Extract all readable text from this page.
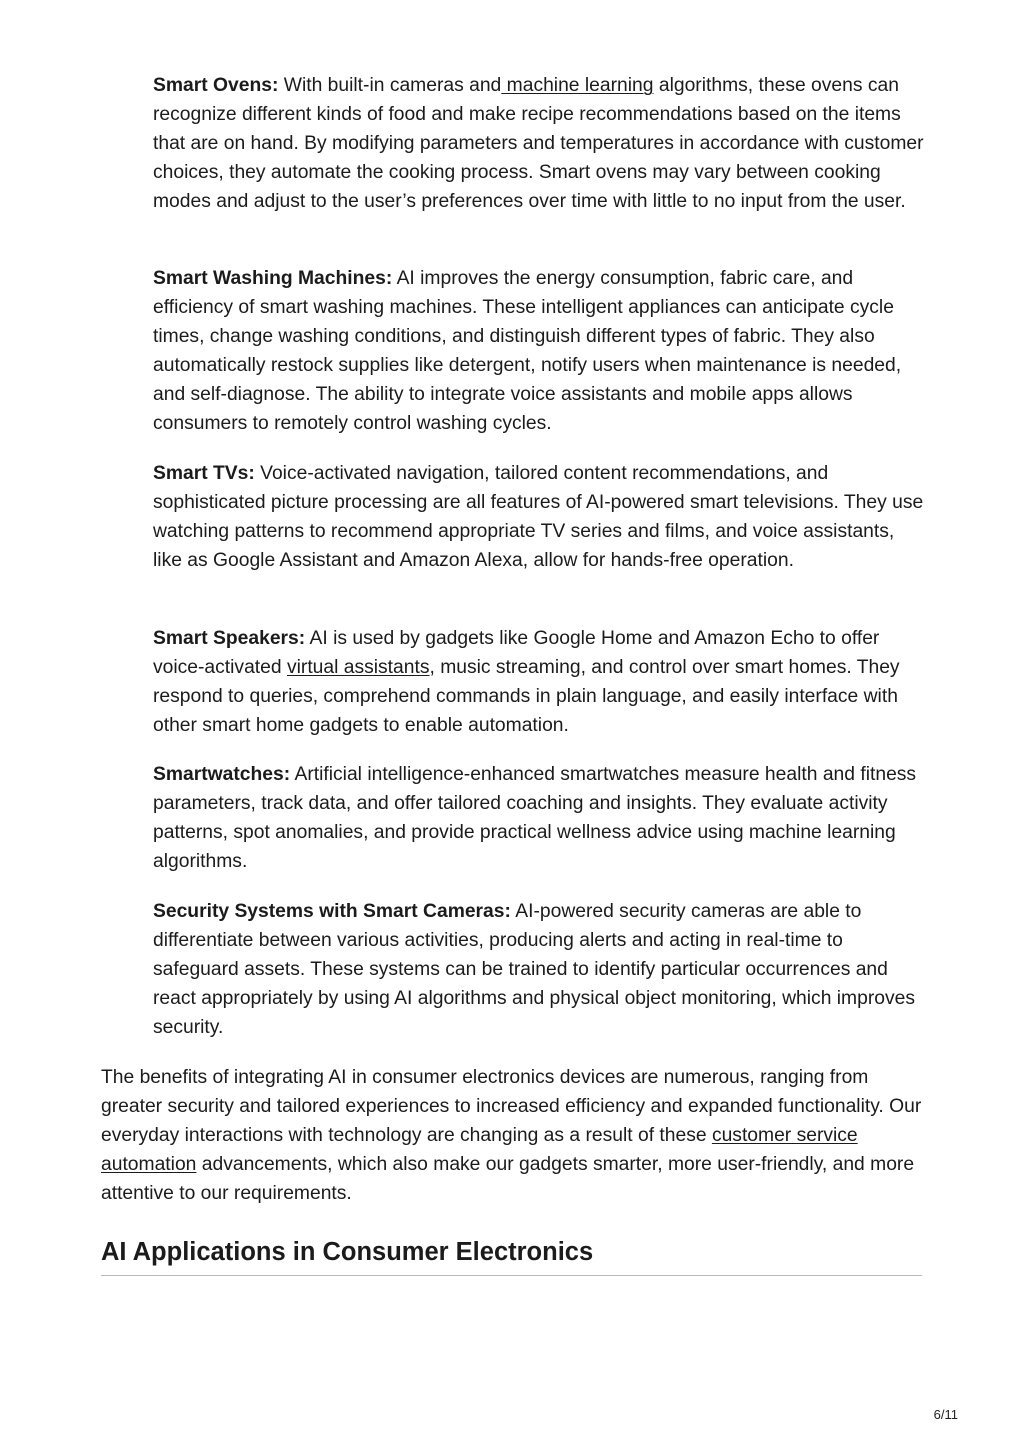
Smart Ovens: With built-in cameras and machine learning algorithms, these ovens can recognize different kinds of food and make recipe recommendations based on the items that are on hand. By modifying parameters and temperatures in accordance with customer choices, they automate the cooking process. Smart ovens may vary between cooking modes and adjust to the user’s preferences over time with little to no input from the user.

Smart Washing Machines: AI improves the energy consumption, fabric care, and efficiency of smart washing machines. These intelligent appliances can anticipate cycle times, change washing conditions, and distinguish different types of fabric. They also automatically restock supplies like detergent, notify users when maintenance is needed, and self-diagnose. The ability to integrate voice assistants and mobile apps allows consumers to remotely control washing cycles.

Smart TVs: Voice-activated navigation, tailored content recommendations, and sophisticated picture processing are all features of AI-powered smart televisions. They use watching patterns to recommend appropriate TV series and films, and voice assistants, like as Google Assistant and Amazon Alexa, allow for hands-free operation.

Smart Speakers: AI is used by gadgets like Google Home and Amazon Echo to offer voice-activated virtual assistants, music streaming, and control over smart homes. They respond to queries, comprehend commands in plain language, and easily interface with other smart home gadgets to enable automation.

Smartwatches: Artificial intelligence-enhanced smartwatches measure health and fitness parameters, track data, and offer tailored coaching and insights. They evaluate activity patterns, spot anomalies, and provide practical wellness advice using machine learning algorithms.

Security Systems with Smart Cameras: AI-powered security cameras are able to differentiate between various activities, producing alerts and acting in real-time to safeguard assets. These systems can be trained to identify particular occurrences and react appropriately by using AI algorithms and physical object monitoring, which improves security.

The benefits of integrating AI in consumer electronics devices are numerous, ranging from greater security and tailored experiences to increased efficiency and expanded functionality. Our everyday interactions with technology are changing as a result of these customer service automation advancements, which also make our gadgets smarter, more user-friendly, and more attentive to our requirements.

AI Applications in Consumer Electronics
6/11
